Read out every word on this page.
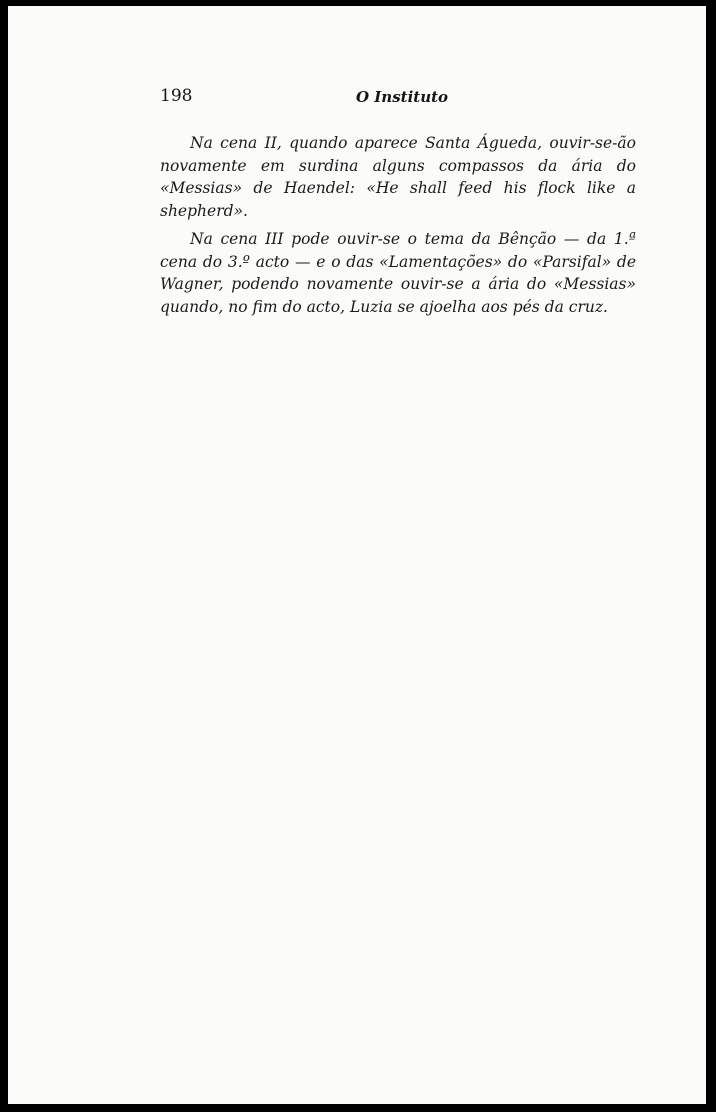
198	O Instituto

Na cena II, quando aparece Santa Águeda, ouvir-se-ão novamente em surdina alguns compassos da ária do «Messias» de Haendel: «He shall feed his flock like a shepherd».

Na cena III pode ouvir-se o tema da Bênção — da 1.ª cena do 3.º acto — e o das «Lamentações» do «Parsifal» de Wagner, podendo novamente ouvir-se a ária do «Messias» quando, no fim do acto, Luzia se ajoelha aos pés da cruz.
